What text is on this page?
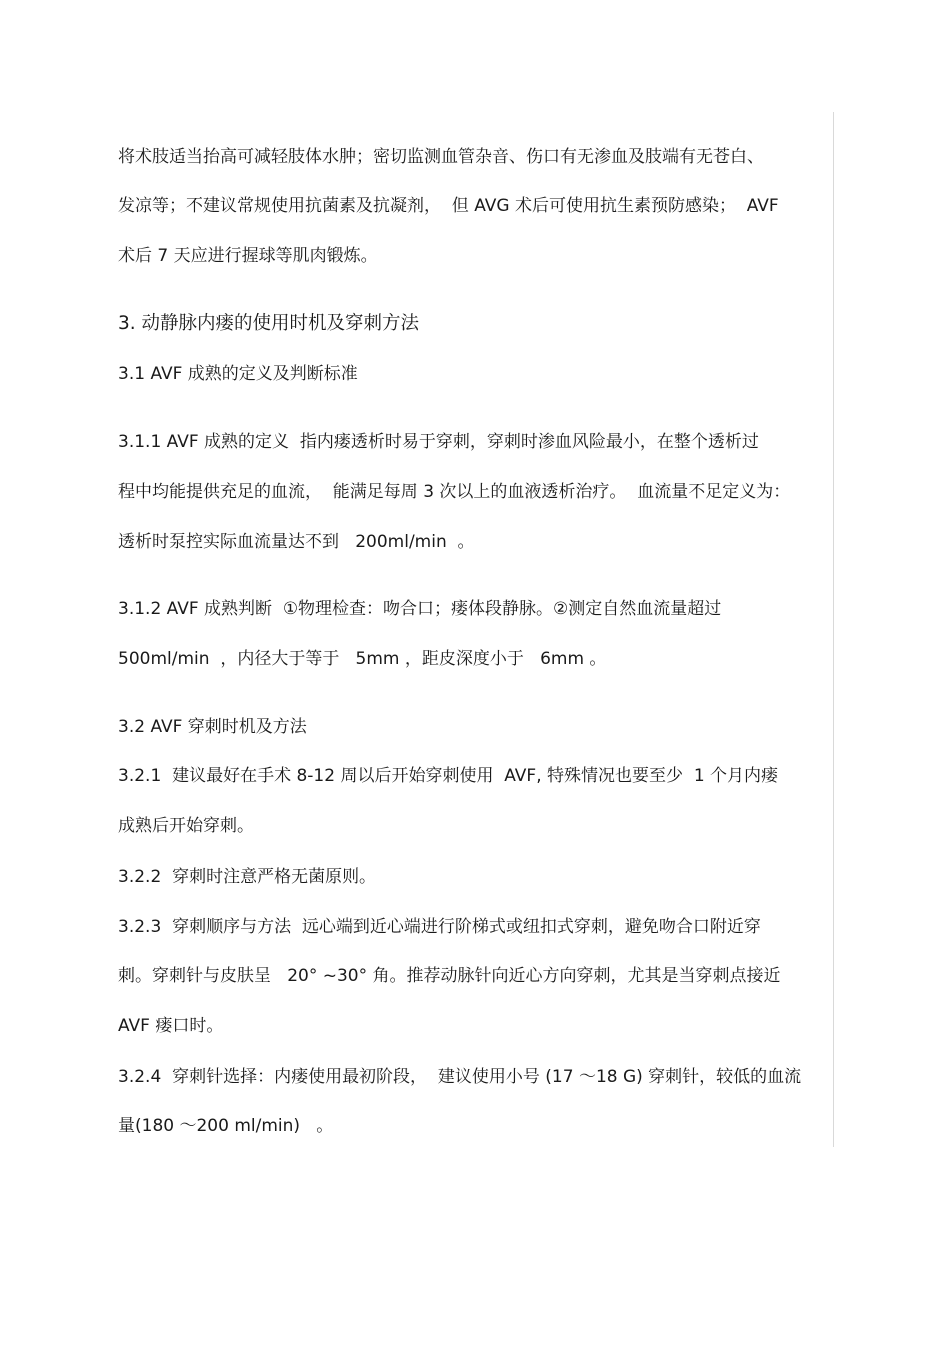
将术肢适当抬高可减轻肢体水肿；密切监测血管杂音、伤口有无渗血及肢端有无苍白、
发凉等；不建议常规使用抗菌素及抗凝剂，  但 AVG 术后可使用抗生素预防感染；  AVF
术后 7 天应进行握球等肌肉锻炼。
3. 动静脉内瘘的使用时机及穿刺方法
3.1 AVF 成熟的定义及判断标准
3.1.1 AVF 成熟的定义  指内瘘透析时易于穿刺，穿刺时渗血风险最小，在整个透析过
程中均能提供充足的血流，  能满足每周 3 次以上的血液透析治疗。  血流量不足定义为：
透析时泵控实际血流量达不到   200ml/min  。
3.1.2 AVF 成熟判断  ①物理检查：吻合口；瘘体段静脉。②测定自然血流量超过
500ml/min  ，内径大于等于   5mm ，距皮深度小于   6mm 。
3.2 AVF 穿刺时机及方法
3.2.1  建议最好在手术 8-12 周以后开始穿刺使用  AVF, 特殊情况也要至少  1 个月内瘘
成熟后开始穿刺。
3.2.2  穿刺时注意严格无菌原则。
3.2.3  穿刺顺序与方法  远心端到近心端进行阶梯式或纽扣式穿刺，避免吻合口附近穿
刺。穿刺针与皮肤呈   20° ~30° 角。推荐动脉针向近心方向穿刺，尤其是当穿刺点接近
AVF 瘘口时。
3.2.4  穿刺针选择：内瘘使用最初阶段，  建议使用小号 (17 ～18 G) 穿刺针，较低的血流
量(180 ～200 ml/min)   。
